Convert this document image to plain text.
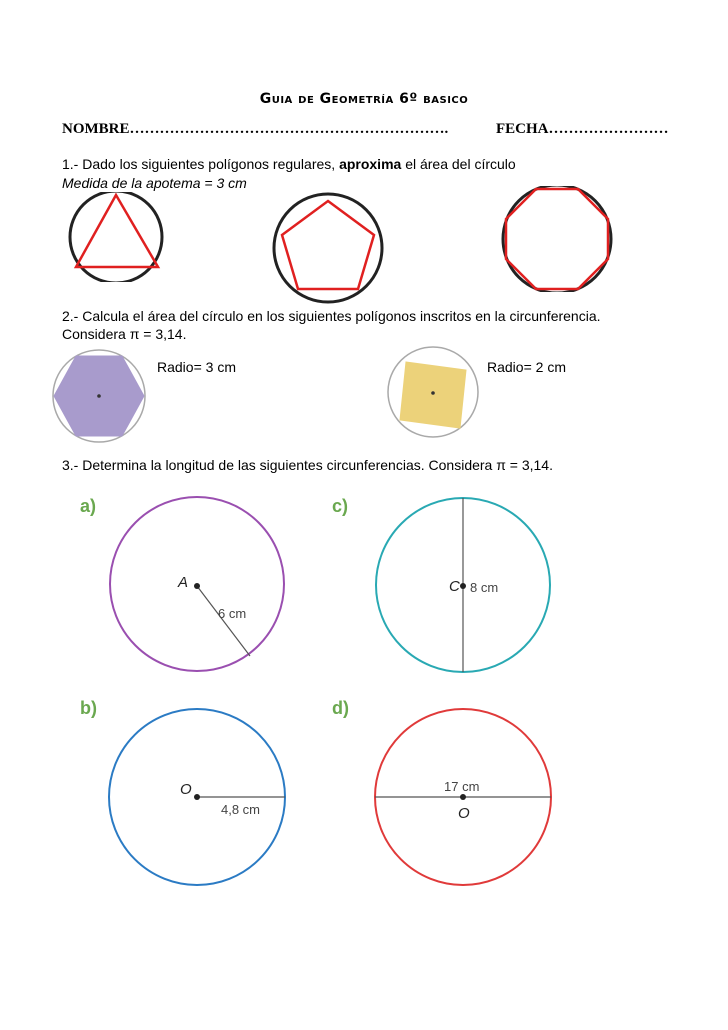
Guia de Geometría 6º basico
NOMBRE……………………………………………………….	FECHA……………………
1.- Dado los siguientes polígonos regulares, aproxima el área del círculo
Medida de la apotema = 3 cm
2.- Calcula el área del círculo en los siguientes polígonos inscritos en la circunferencia.
Considera π = 3,14.
Radio= 3 cm	Radio= 2 cm
3.- Determina la longitud de las siguientes circunferencias. Considera π = 3,14.
a)
A
6 cm
c)
C 8 cm
b)
O
4,8 cm
d)
17 cm
O
